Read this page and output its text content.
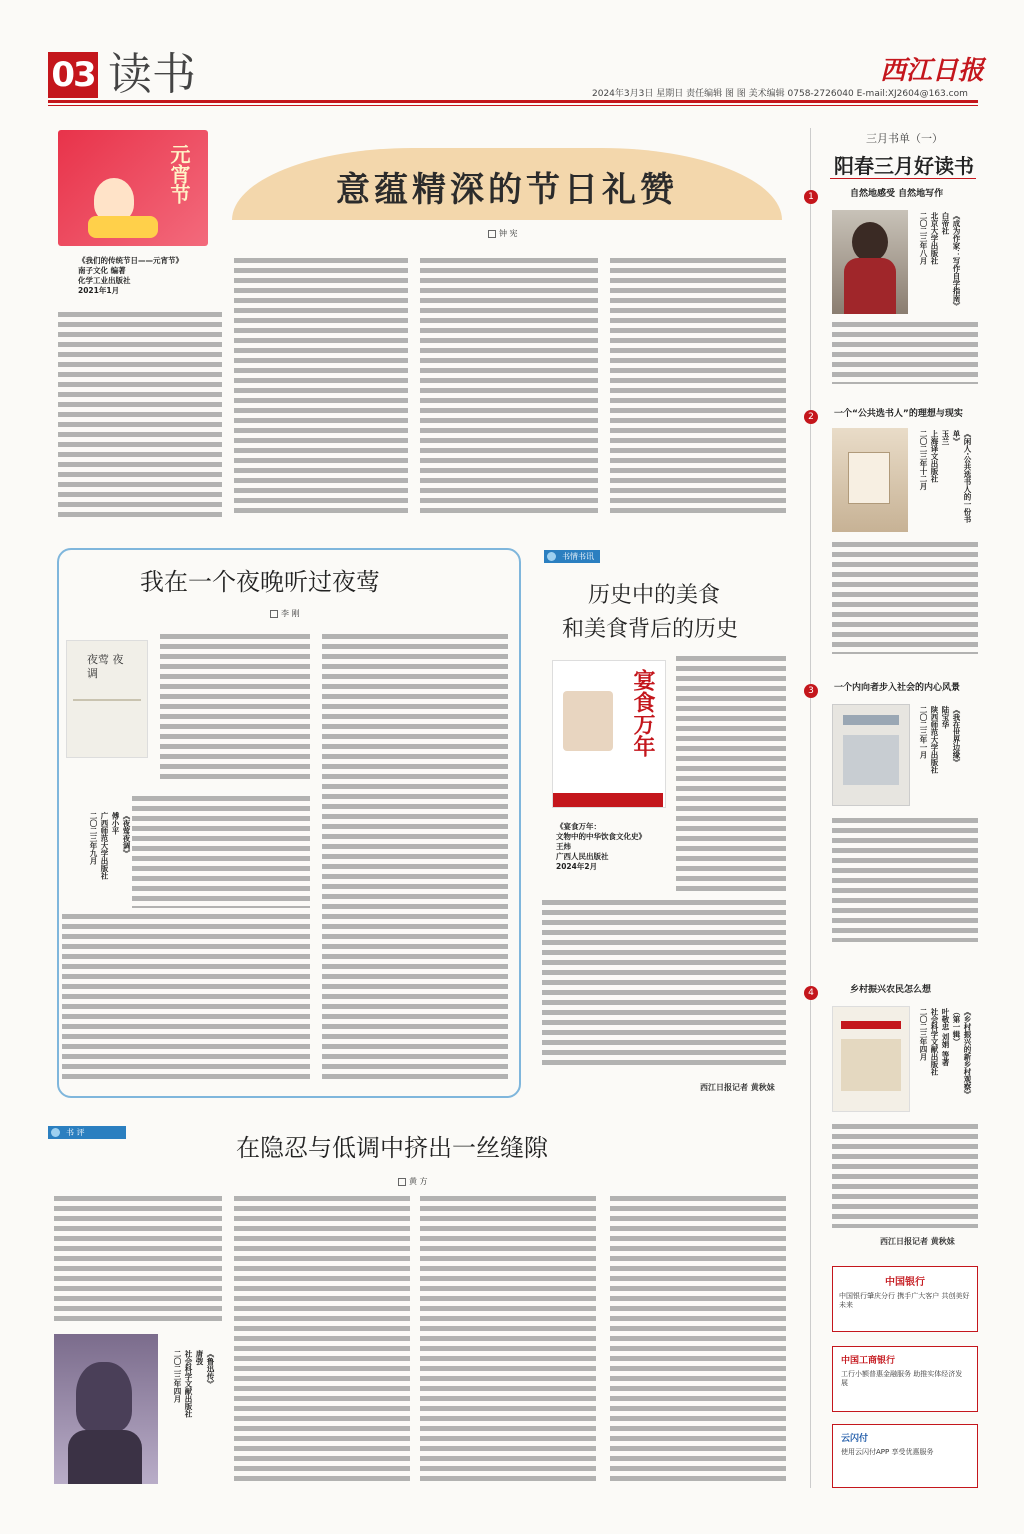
03 读书	西江日报
2024年3月3日 星期日 责任编辑 图 图 美术编辑 0758-2726040 E-mail:XJ2604@163.com
元宵节
《我们的传统节日——元宵节》
南子文化 编著
化学工业出版社
2021年1月
意蕴精深的节日礼赞
钟 宪
我在一个夜晚听过夜莺
李 刚
夜莺 夜调
《夜莺夜调》
傅小平
广西师范大学出版社
二〇二三年九月
书情书讯
历史中的美食
和美食背后的历史
宴食万年
《宴食万年：
文物中的中华饮食文化史》
王炜
广西人民出版社
2024年2月
西江日报记者 黄秋妹
书 评
在隐忍与低调中挤出一丝缝隙
黄 方
《鲁迅传》
唐弢
社会科学文献出版社
二〇二三年四月
三月书单（一）
阳春三月好读书
1	自然地感受 自然地写作
《成为作家：写作自学指南》
白帝社
北京大学出版社
二〇二三年八月
2	一个“公共选书人”的理想与现实
《闲人·公共选书人的一份书单》
玉兰
上海译文出版社
二〇二三年十二月
3	一个内向者步入社会的内心风景
《我在世界边缘》
陆宝华
陕西师范大学出版社
二〇二三年一月
4	乡村振兴农民怎么想
《乡村振兴的新乡村观察》
（第一辑）
叶敬忠 刘娟 等著
社会科学文献出版社
二〇二三年四月
西江日报记者 黄秋妹
中国银行
中国银行肇庆分行 携手广大客户 共创美好未来
中国工商银行
工行小额普惠金融服务 助推实体经济发展
云闪付
使用云闪付APP 享受优惠服务
